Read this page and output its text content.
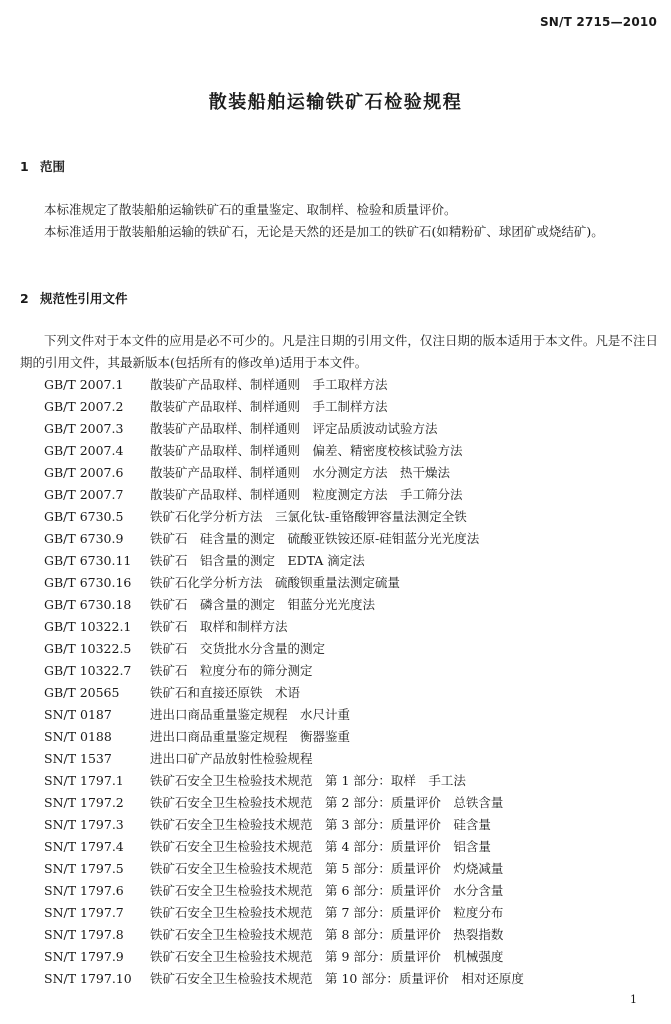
SN/T 2715—2010
散装船舶运输铁矿石检验规程
1 范围
本标准规定了散装船舶运输铁矿石的重量鉴定、取制样、检验和质量评价。
本标准适用于散装船舶运输的铁矿石，无论是天然的还是加工的铁矿石(如精粉矿、球团矿或烧结矿)。
2 规范性引用文件
下列文件对于本文件的应用是必不可少的。凡是注日期的引用文件，仅注日期的版本适用于本文件。凡是不注日期的引用文件，其最新版本(包括所有的修改单)适用于本文件。
GB/T 2007.1 散装矿产品取样、制样通则　手工取样方法
GB/T 2007.2 散装矿产品取样、制样通则　手工制样方法
GB/T 2007.3 散装矿产品取样、制样通则　评定品质波动试验方法
GB/T 2007.4 散装矿产品取样、制样通则　偏差、精密度校核试验方法
GB/T 2007.6 散装矿产品取样、制样通则　水分测定方法　热干燥法
GB/T 2007.7 散装矿产品取样、制样通则　粒度测定方法　手工筛分法
GB/T 6730.5 铁矿石化学分析方法　三氯化钛-重铬酸钾容量法测定全铁
GB/T 6730.9 铁矿石　硅含量的测定　硫酸亚铁铵还原-硅钼蓝分光光度法
GB/T 6730.11 铁矿石　铝含量的测定　EDTA 滴定法
GB/T 6730.16 铁矿石化学分析方法　硫酸钡重量法测定硫量
GB/T 6730.18 铁矿石　磷含量的测定　钼蓝分光光度法
GB/T 10322.1 铁矿石　取样和制样方法
GB/T 10322.5 铁矿石　交货批水分含量的测定
GB/T 10322.7 铁矿石　粒度分布的筛分测定
GB/T 20565 铁矿石和直接还原铁　术语
SN/T 0187	进出口商品重量鉴定规程　水尺计重
SN/T 0188	进出口商品重量鉴定规程　衡器鉴重
SN/T 1537	进出口矿产品放射性检验规程
SN/T 1797.1 铁矿石安全卫生检验技术规范　第 1 部分：取样　手工法
SN/T 1797.2 铁矿石安全卫生检验技术规范　第 2 部分：质量评价　总铁含量
SN/T 1797.3 铁矿石安全卫生检验技术规范　第 3 部分：质量评价　硅含量
SN/T 1797.4 铁矿石安全卫生检验技术规范　第 4 部分：质量评价　铝含量
SN/T 1797.5 铁矿石安全卫生检验技术规范　第 5 部分：质量评价　灼烧减量
SN/T 1797.6 铁矿石安全卫生检验技术规范　第 6 部分：质量评价　水分含量
SN/T 1797.7 铁矿石安全卫生检验技术规范　第 7 部分：质量评价　粒度分布
SN/T 1797.8 铁矿石安全卫生检验技术规范　第 8 部分：质量评价　热裂指数
SN/T 1797.9 铁矿石安全卫生检验技术规范　第 9 部分：质量评价　机械强度
SN/T 1797.10 铁矿石安全卫生检验技术规范　第 10 部分：质量评价　相对还原度
1
